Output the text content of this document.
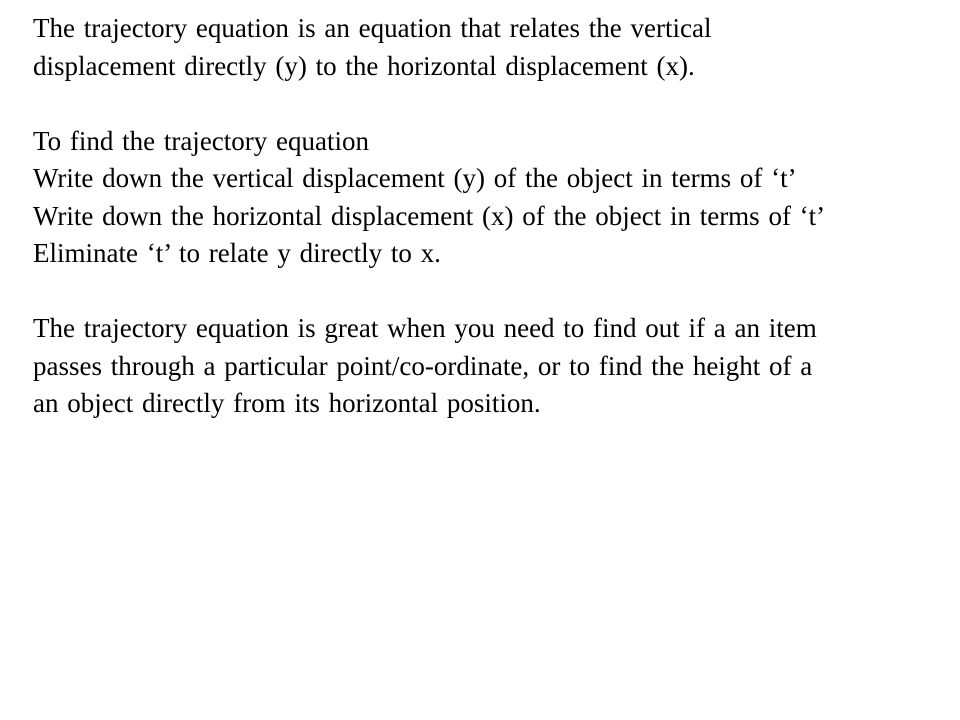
The trajectory equation is an equation that relates the vertical
displacement directly (y) to the horizontal displacement (x).

To find the trajectory equation
Write down the vertical displacement (y) of the object in terms of ‘t’
Write down the horizontal displacement (x) of the object in terms of ‘t’
Eliminate ‘t’ to relate y directly to x.

The trajectory equation is great when you need to find out if a an item
passes through a particular point/co-ordinate, or to find the height of a
an object directly from its horizontal position.
